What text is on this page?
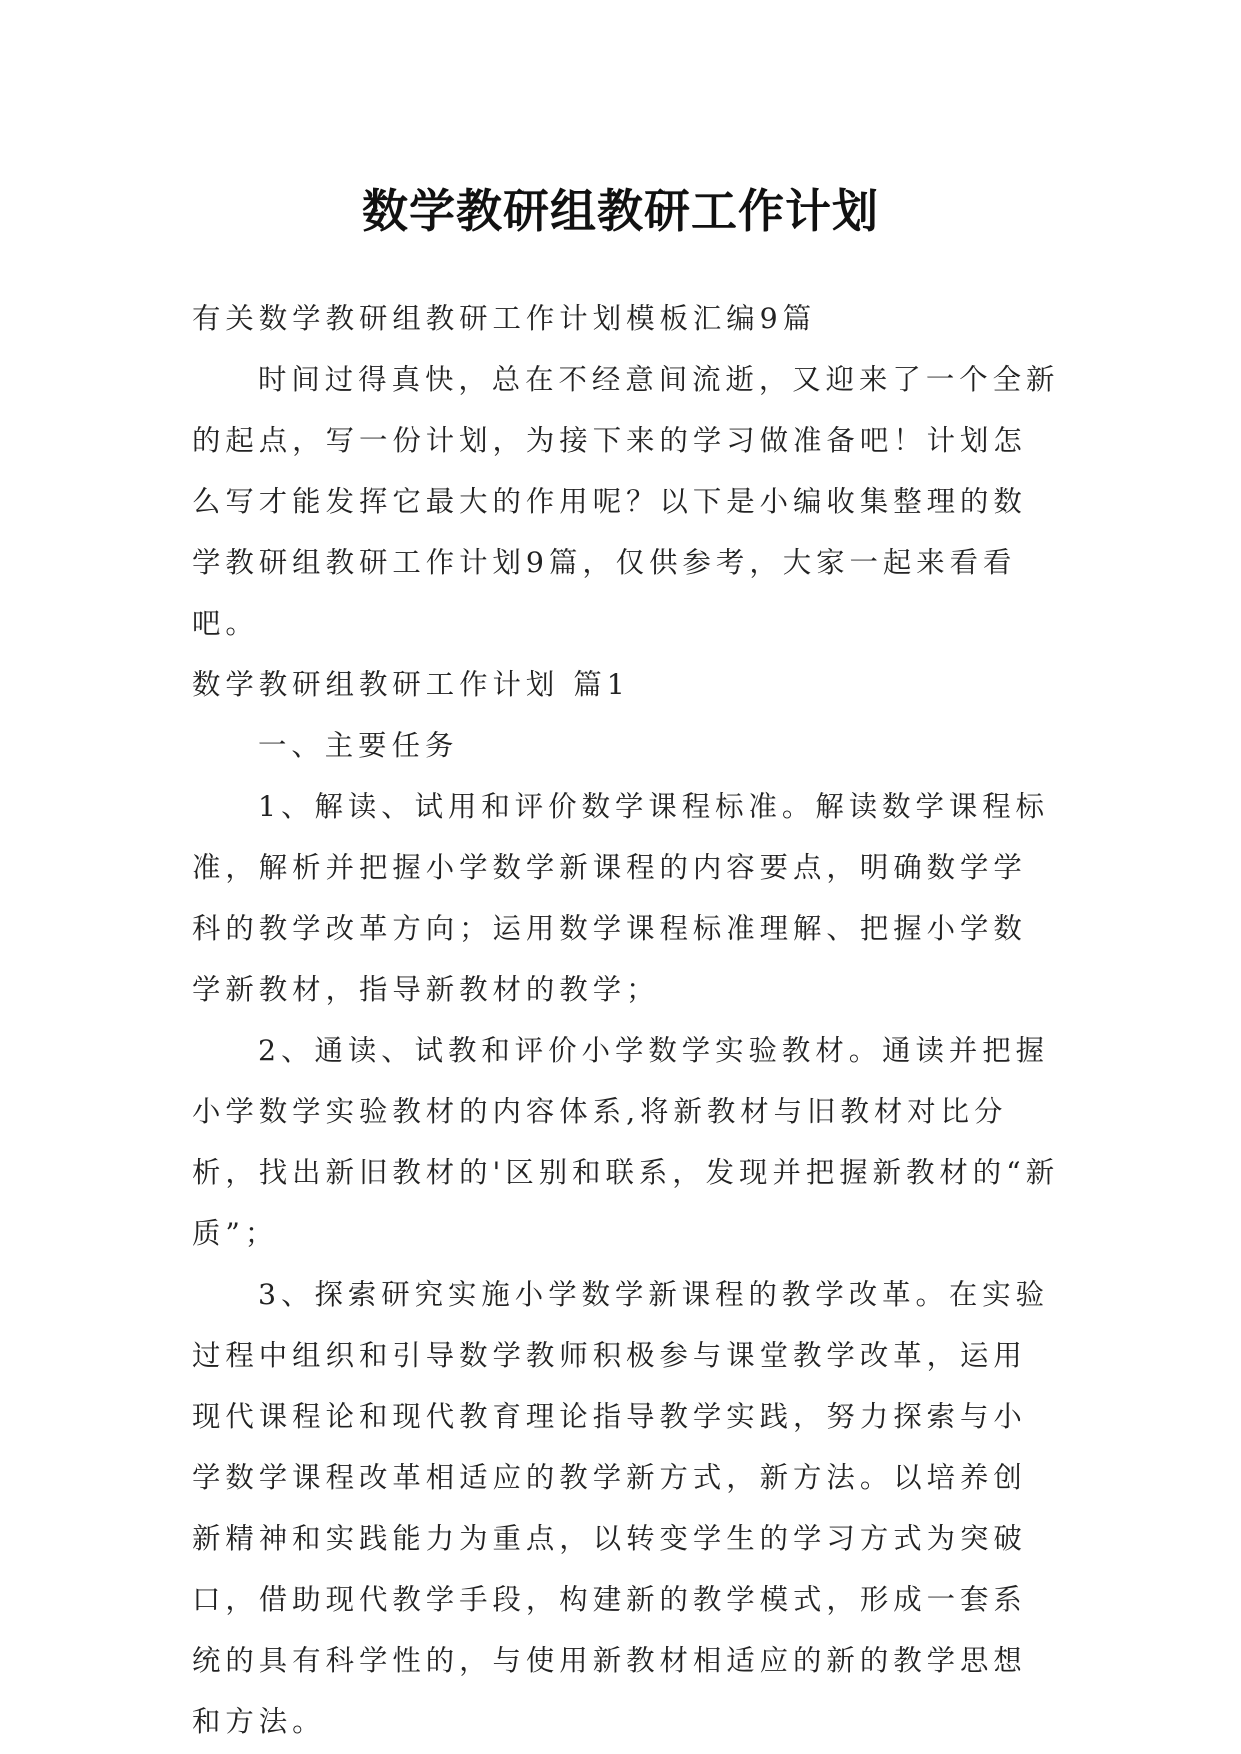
数学教研组教研工作计划

有关数学教研组教研工作计划模板汇编9篇

时间过得真快，总在不经意间流逝，又迎来了一个全新的起点，写一份计划，为接下来的学习做准备吧！计划怎么写才能发挥它最大的作用呢？以下是小编收集整理的数学教研组教研工作计划9篇，仅供参考，大家一起来看看吧。

数学教研组教研工作计划 篇1

一、主要任务

1、解读、试用和评价数学课程标准。解读数学课程标准，解析并把握小学数学新课程的内容要点，明确数学学科的教学改革方向；运用数学课程标准理解、把握小学数学新教材，指导新教材的教学；

2、通读、试教和评价小学数学实验教材。通读并把握小学数学实验教材的内容体系,将新教材与旧教材对比分析，找出新旧教材的'区别和联系，发现并把握新教材的“新质”；

3、探索研究实施小学数学新课程的教学改革。在实验过程中组织和引导数学教师积极参与课堂教学改革，运用现代课程论和现代教育理论指导教学实践，努力探索与小学数学课程改革相适应的教学新方式，新方法。以培养创新精神和实践能力为重点，以转变学生的学习方式为突破口，借助现代教学手段，构建新的教学模式，形成一套系统的具有科学性的，与使用新教材相适应的新的教学思想和方法。
